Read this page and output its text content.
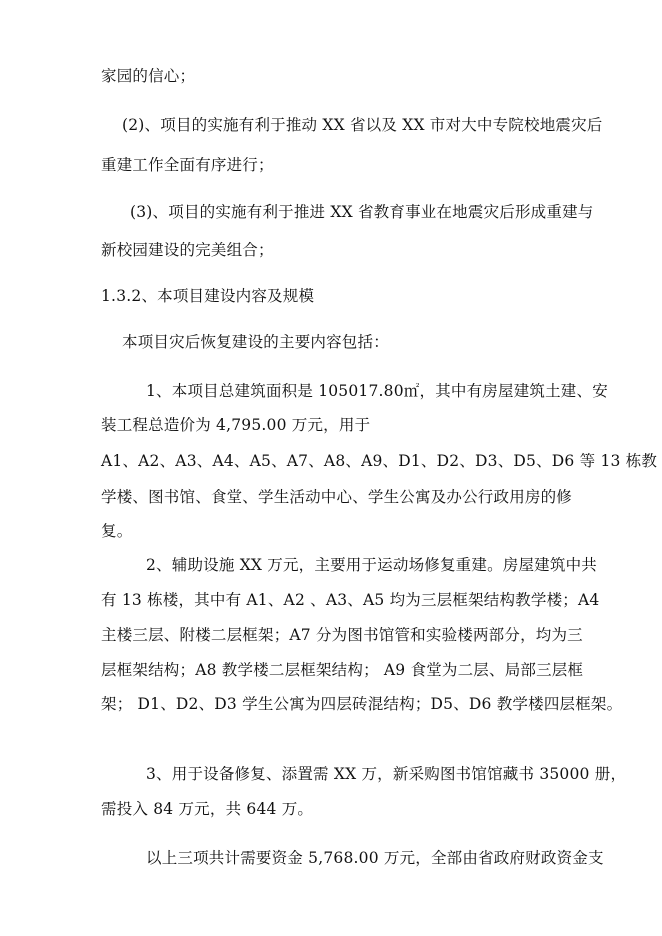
家园的信心；
(2)、项目的实施有利于推动 XX 省以及 XX 市对大中专院校地震灾后
重建工作全面有序进行；
(3)、项目的实施有利于推进 XX 省教育事业在地震灾后形成重建与
新校园建设的完美组合；
1.3.2、本项目建设内容及规模
本项目灾后恢复建设的主要内容包括：
1、本项目总建筑面积是 105017.80㎡，其中有房屋建筑土建、安
装工程总造价为 4,795.00 万元，用于
A1、A2、A3、A4、A5、A7、A8、A9、D1、D2、D3、D5、D6 等 13 栋教
学楼、图书馆、食堂、学生活动中心、学生公寓及办公行政用房的修
复。
2、辅助设施 XX 万元，主要用于运动场修复重建。房屋建筑中共
有 13 栋楼，其中有 A1、A2 、A3、A5 均为三层框架结构教学楼；A4
主楼三层、附楼二层框架；A7 分为图书馆管和实验楼两部分，均为三
层框架结构；A8 教学楼二层框架结构； A9 食堂为二层、局部三层框
架； D1、D2、D3 学生公寓为四层砖混结构；D5、D6 教学楼四层框架。
3、用于设备修复、添置需 XX 万，新采购图书馆馆藏书 35000 册，
需投入 84 万元，共 644 万。
以上三项共计需要资金 5,768.00 万元，全部由省政府财政资金支
